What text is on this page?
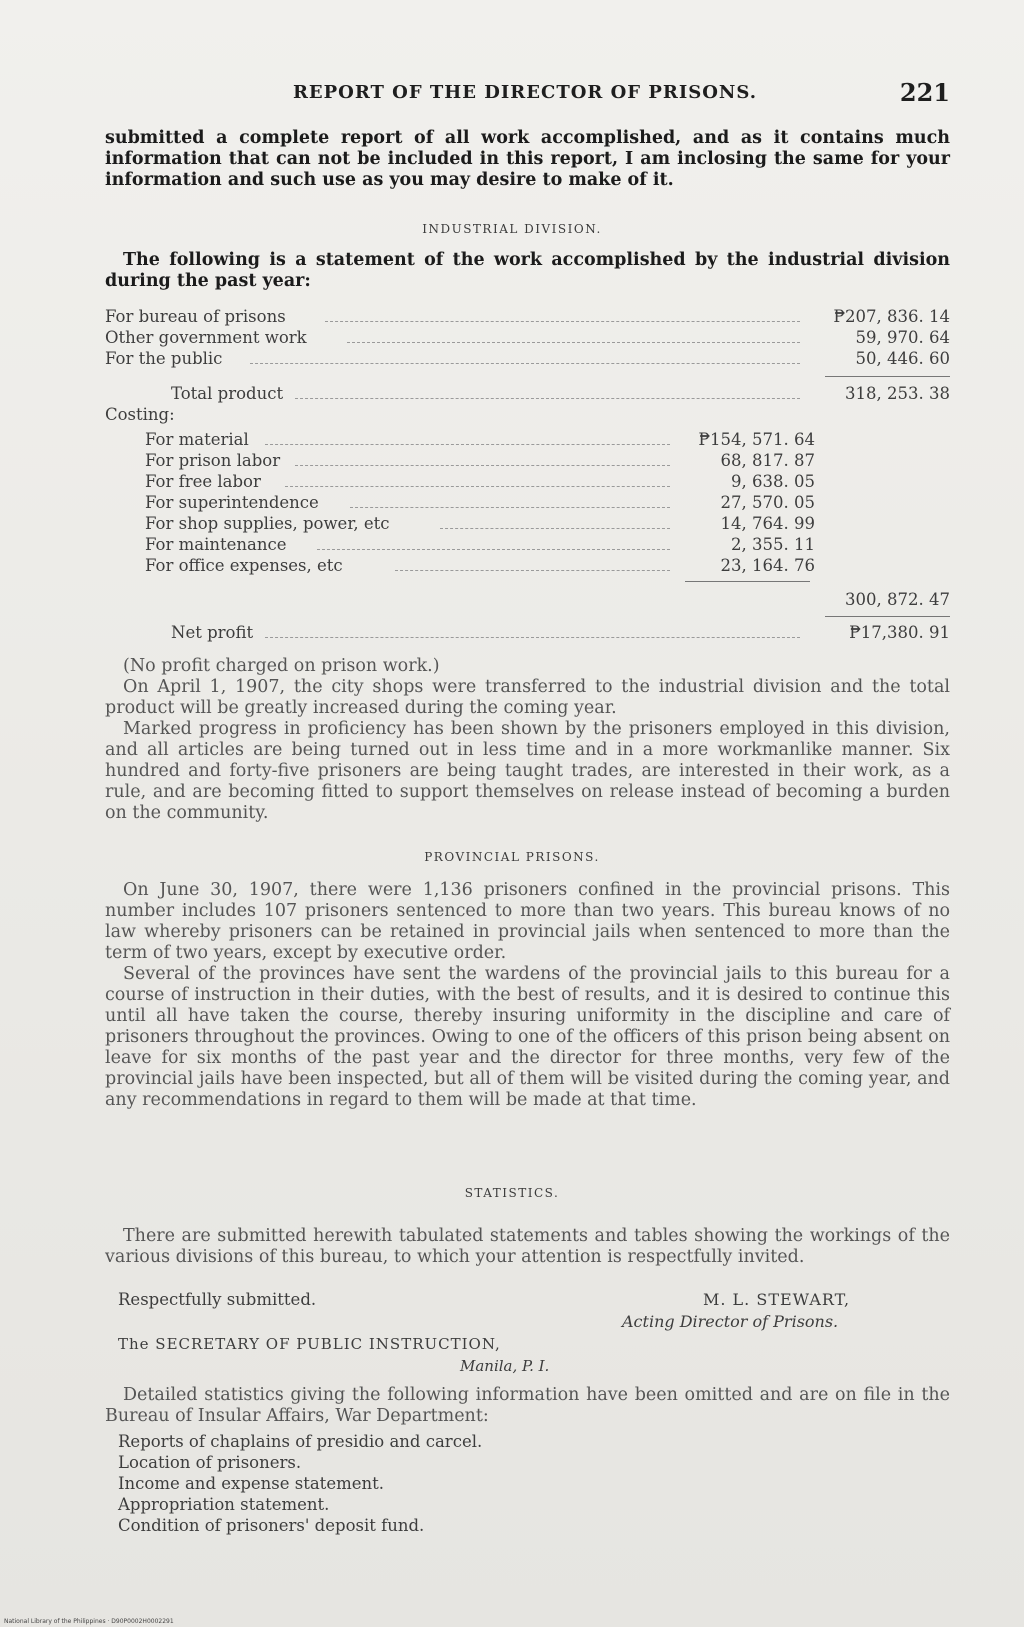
REPORT OF THE DIRECTOR OF PRISONS.	221

submitted a complete report of all work accomplished, and as it contains much information that can not be included in this report, I am inclosing the same for your information and such use as you may desire to make of it.

INDUSTRIAL DIVISION.

The following is a statement of the work accomplished by the industrial division during the past year:

For bureau of prisons	₱207, 836. 14
Other government work	59, 970. 64
For the public	50, 446. 60
Total product	318, 253. 38
Costing:
For material	₱154, 571. 64
For prison labor	68, 817. 87
For free labor	9, 638. 05
For superintendence	27, 570. 05
For shop supplies, power, etc	14, 764. 99
For maintenance	2, 355. 11
For office expenses, etc	23, 164. 76
300, 872. 47
Net profit	₱17,380. 91

(No profit charged on prison work.)

On April 1, 1907, the city shops were transferred to the industrial division and the total product will be greatly increased during the coming year.

Marked progress in proficiency has been shown by the prisoners employed in this division, and all articles are being turned out in less time and in a more workmanlike manner. Six hundred and forty-five prisoners are being taught trades, are interested in their work, as a rule, and are becoming fitted to support themselves on release instead of becoming a burden on the community.

PROVINCIAL PRISONS.

On June 30, 1907, there were 1,136 prisoners confined in the provincial prisons. This number includes 107 prisoners sentenced to more than two years. This bureau knows of no law whereby prisoners can be retained in provincial jails when sentenced to more than the term of two years, except by executive order.

Several of the provinces have sent the wardens of the provincial jails to this bureau for a course of instruction in their duties, with the best of results, and it is desired to continue this until all have taken the course, thereby insuring uniformity in the discipline and care of prisoners throughout the provinces. Owing to one of the officers of this prison being absent on leave for six months of the past year and the director for three months, very few of the provincial jails have been inspected, but all of them will be visited during the coming year, and any recommendations in regard to them will be made at that time.

STATISTICS.

There are submitted herewith tabulated statements and tables showing the workings of the various divisions of this bureau, to which your attention is respectfully invited.

Respectfully submitted.	M. L. STEWART,
Acting Director of Prisons.
The SECRETARY OF PUBLIC INSTRUCTION,
Manila, P. I.

Detailed statistics giving the following information have been omitted and are on file in the Bureau of Insular Affairs, War Department:

Reports of chaplains of presidio and carcel.
Location of prisoners.
Income and expense statement.
Appropriation statement.
Condition of prisoners' deposit fund.
National Library of the Philippines · D90P0002H0002291
